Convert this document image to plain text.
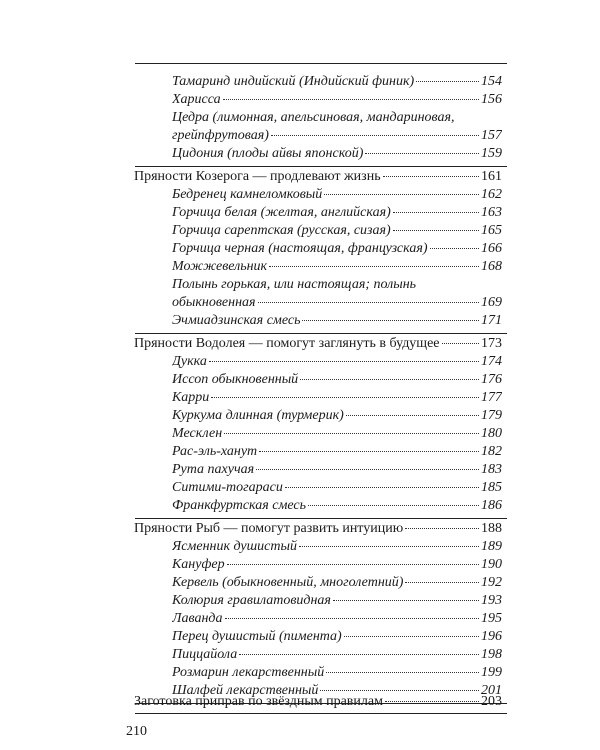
Тамаринд индийский (Индийский финик)	154
Харисса	156
Цедра (лимонная, апельсиновая, мандариновая,
грейпфрутовая)	157
Цидония (плоды айвы японской)	159
Пряности Козерога — продлевают жизнь	161
Бедренец камнеломковый	162
Горчица белая (желтая, английская)	163
Горчица сарептская (русская, сизая)	165
Горчица черная (настоящая, французская)	166
Можжевельник	168
Полынь горькая, или настоящая; полынь
обыкновенная	169
Эчмиадзинская смесь	171
Пряности Водолея — помогут заглянуть в будущее	173
Дукка	174
Иссоп обыкновенный	176
Карри	177
Куркума длинная (турмерик)	179
Месклен	180
Рас-эль-ханут	182
Рута пахучая	183
Ситими-тогараси	185
Франкфуртская смесь	186
Пряности Рыб — помогут развить интуицию	188
Ясменник душистый	189
Кануфер	190
Кервель (обыкновенный, многолетний)	192
Колюрия гравилатовидная	193
Лаванда	195
Перец душистый (пимента)	196
Пиццайола	198
Розмарин лекарственный	199
Шалфей лекарственный	201
Заготовка приправ по звёздным правилам	203
210
